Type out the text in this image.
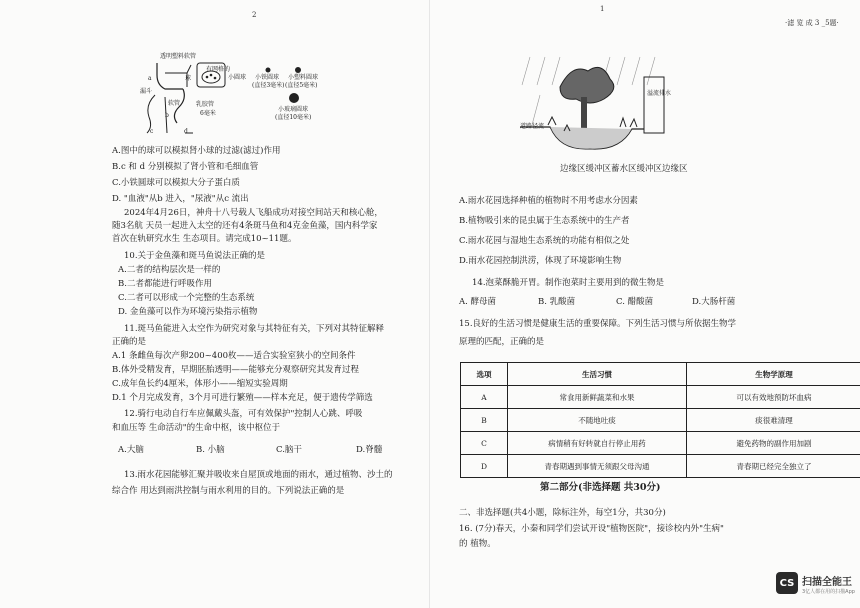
2
1
·滤 览 成 3 _5题·
透明塑料软管
球
漏斗
有网格的
小圆球
软管	乳胶管
6毫米
a
b
c	d
小铁圆球
(直径3毫米)
小塑料圆球
(直径5毫米)
小玻璃圆球
(直径10毫米)
A.图中的球可以模拟肾小球的过滤(滤过)作用
B.c 和 d 分别模拟了肾小管和毛细血管
C.小铁圆球可以模拟大分子蛋白质
D. "血液"从b 进入，"尿液"从c 流出
2024年4月26日，神舟十八号载人飞船成功对接空间站天和核心舱，
随3名航 天员一起进入太空的还有4条斑马鱼和4克金鱼藻，国内科学家
首次在轨研究水生 生态项目。请完成10~11题。
10.关于金鱼藻和斑马鱼说法正确的是
A.二者的结构层次是一样的
B.二者都能进行呼吸作用
C.二者可以形成一个完整的生态系统
D. 金鱼藻可以作为环境污染指示植物
11.斑马鱼能进入太空作为研究对象与其特征有关，下列对其特征解释
正确的是
A.1 条雌鱼每次产卵200~400枚——适合实验室狭小的空间条件
B.体外受精发育，早期胚胎透明——能够充分观察研究其发育过程
C.成年鱼长约4厘米，体形小——缩短实验周期
D.1 个月完成发育，3个月可进行繁殖——样本充足，便于遗传学筛选
12.骑行电动自行车应佩戴头盔，可有效保护"控制人心跳、呼吸
和血压等 生命活动"的生命中枢，该中枢位于
A.大脑	B. 小脑	C.脑干	D.脊髓
13.雨水花园能够汇聚并吸收来自屋顶或地面的雨水，通过植物、沙土的
综合作 用达到雨洪控制与雨水利用的目的。下列说法正确的是
道路径流
溢流排水
边缘区缓冲区蓄水区缓冲区边缘区
A.雨水花园选择种植的植物时不用考虑水分因素
B.植物吸引来的昆虫属于生态系统中的生产者
C.雨水花园与湿地生态系统的功能有相似之处
D.雨水花园控制洪涝，体现了环境影响生物
14.泡菜酥脆开胃。制作泡菜时主要用到的微生物是
A. 酵母菌	B. 乳酸菌	C. 醋酸菌	D.大肠杆菌
15.良好的生活习惯是健康生活的重要保障。下列生活习惯与所依据生物学
原理的匹配，正确的是
选项	生活习惯	生物学原理
A	常食用新鲜蔬菜和水果	可以有效地预防坏血病
B	不随地吐痰	痰很难清理
C	病情稍有好转就自行停止用药	避免药物的副作用加剧
D	青春期遇到事情无须跟父母沟通	青春期已经完全独立了
第二部分(非选择题 共30分)
二、非选择题(共4小题，除标注外，每空1分，共30分)
16. (7分)春天，小秦和同学们尝试开设"植物医院"，接诊校内外"生病"
的 植物。
CS 扫描全能王
3亿人都在用的扫描App
